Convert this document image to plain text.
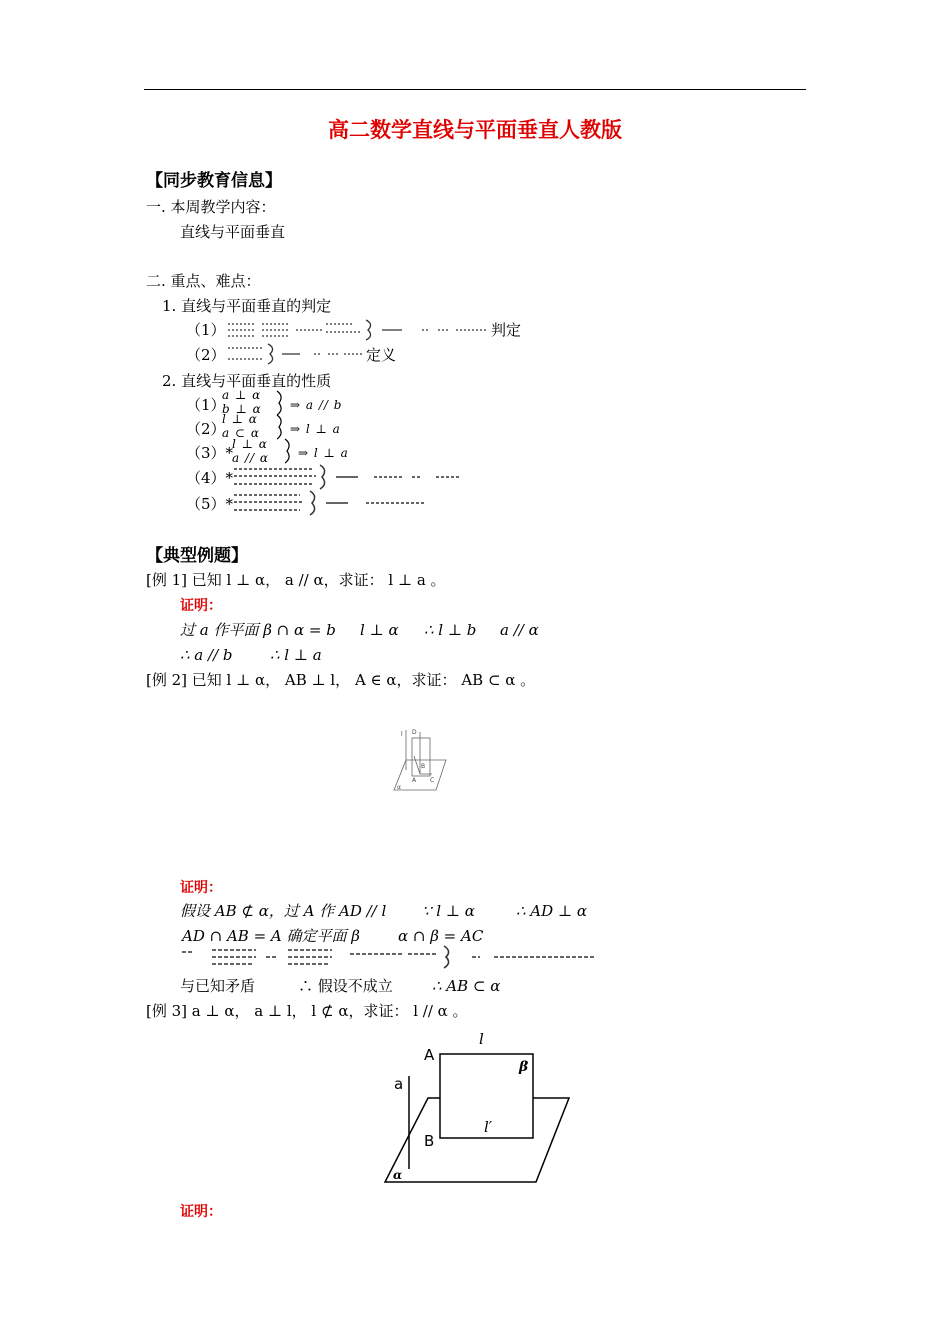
高二数学直线与平面垂直人教版
【同步教育信息】
一. 本周教学内容：
直线与平面垂直
二. 重点、难点：
1. 直线与平面垂直的判定
（1）	判定
（2）	定义
2. 直线与平面垂直的性质
（1）
a ⊥ α
b ⊥ α ⇒ a // b
（2）
l ⊥ α
a ⊂ α	⇒ l ⊥ a
（3）*
l ⊥ α
a // α ⇒ l ⊥ a
（4）*
（5）*
【典型例题】
[例 1] 已知 l ⊥ α， a // α，求证： l ⊥ a 。
证明：
过 a 作平面 β ∩ α = b l ⊥ α ∴ l ⊥ b a // α
∴ a // b	∴ l ⊥ a
[例 2] 已知 l ⊥ α， AB ⊥ l， A ∈ α，求证： AB ⊂ α 。
l D
B
A C
α
证明：
假设 AB ⊄ α，过 A 作 AD // l ∵ l ⊥ α	∴ AD ⊥ α
AD ∩ AB = A 确定平面 β	α ∩ β = AC
与已知矛盾	∴ 假设不成立	∴ AB ⊂ α
[例 3] a ⊥ α， a ⊥ l， l ⊄ α，求证： l // α 。
A
l
β
a
l′
B
α
证明：
